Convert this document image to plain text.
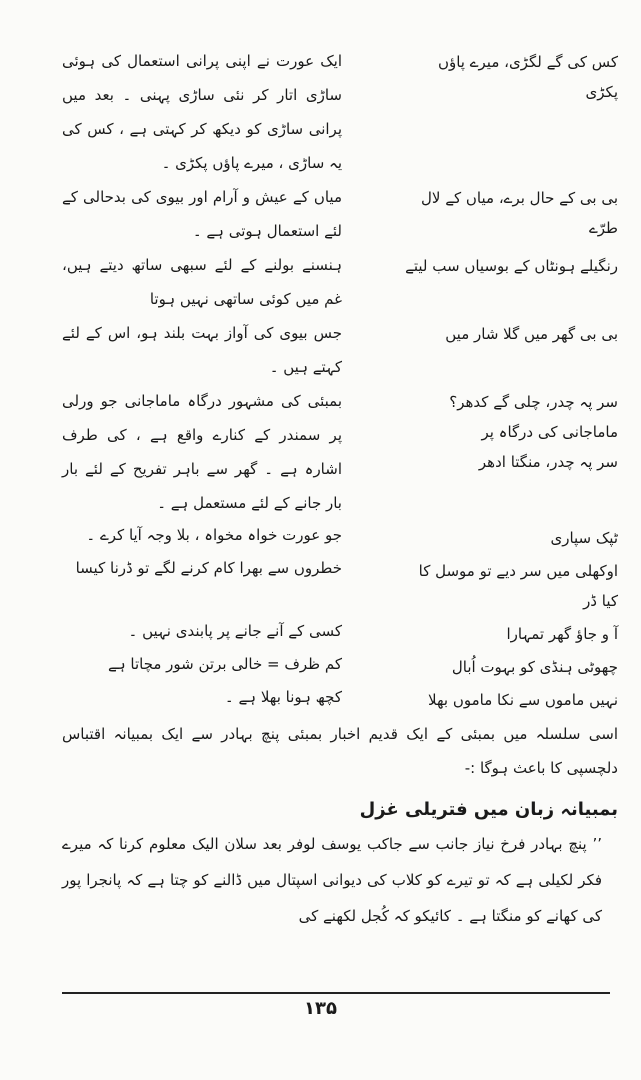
کس کی گے لگڑی، میرے پاؤں پکڑی
ایک عورت نے اپنی پرانی استعمال کی ہوئی ساڑی اتار کر نئی ساڑی پہنی ۔ بعد میں پرانی ساڑی کو دیکھ کر کہتی ہے ، کس کی یہ ساڑی ، میرے پاؤں پکڑی ۔
بی بی کے حال برے، میاں کے لال طرّے
میاں کے عیش و آرام اور بیوی کی بدحالی کے لئے استعمال ہوتی ہے ۔
رنگیلے ہونٹاں کے بوسیاں سب لیتے
ہنسنے بولنے کے لئے سبھی ساتھ دیتے ہیں، غم میں کوئی ساتھی نہیں ہوتا
بی بی گھر میں گلا شار میں
جس بیوی کی آواز بہت بلند ہو، اس کے لئے کہتے ہیں ۔
سر پہ چدر، چلی گے کدھر؟ ماماجانی کی درگاہ پر
سر پہ چدر، منگتا ادھر
بمبئی کی مشہور درگاہ ماماجانی جو ورلی پر سمندر کے کنارے واقع ہے ، کی طرف اشارہ ہے ۔ گھر سے باہر تفریح کے لئے بار بار جانے کے لئے مستعمل ہے ۔
ٹپک سپاری
جو عورت خواہ مخواہ ، بلا وجہ آیا کرے ۔
اوکھلی میں سر دیے تو موسل کا کیا ڈر
خطروں سے بھرا کام کرنے لگے تو ڈرنا کیسا
آ و جاؤ گھر تمہارا
کسی کے آنے جانے پر پابندی نہیں ۔
چھوٹی ہنڈی کو بہوت اُبال
کم ظرف = خالی برتن شور مچاتا ہے
نہیں ماموں سے نکا ماموں بھلا
کچھ ہونا بھلا ہے ۔
اسی سلسلہ میں بمبئی کے ایک قدیم اخبار بمبئی پنچ بہادر سے ایک بمبیانہ اقتباس دلچسپی کا باعث ہوگا :-
بمبیانہ زبان میں فتریلی غزل
’’ پنچ بہادر فرخ نیاز جانب سے جاکب یوسف لوفر بعد سلان الیک معلوم کرنا کہ میرے فکر لکیلی ہے کہ تو تیرے کو کلاب کی دیوانی اسپتال میں ڈالنے کو چتا ہے کہ پانجرا پور کی کھانے کو منگتا ہے ۔ کائیکو کہ کُجل لکھنے کی
۱۳۵
